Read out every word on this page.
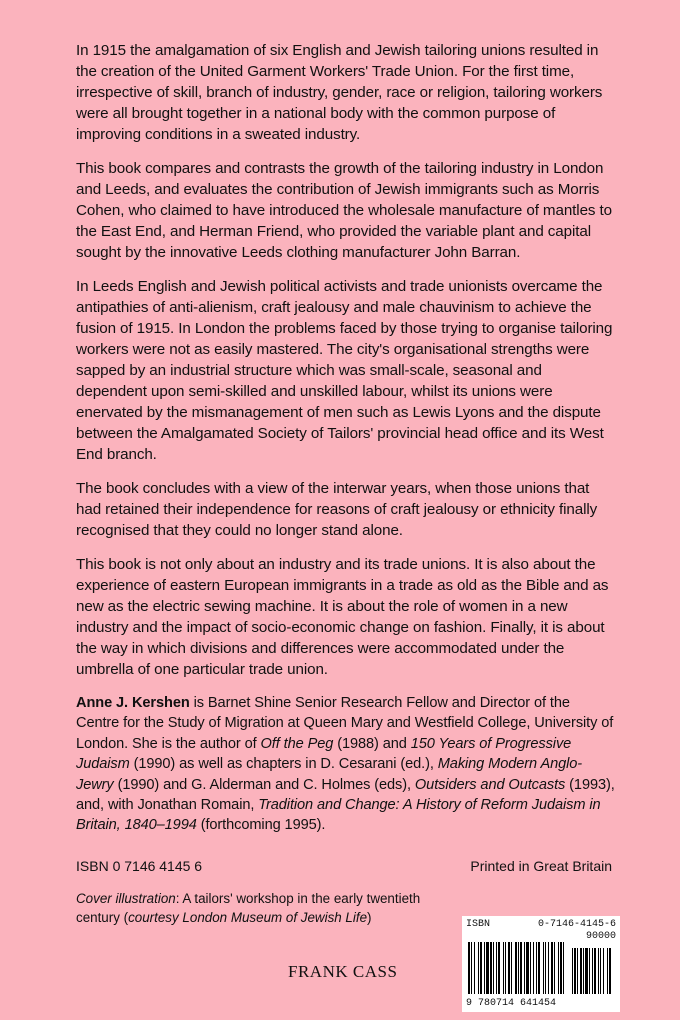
In 1915 the amalgamation of six English and Jewish tailoring unions resulted in the creation of the United Garment Workers' Trade Union. For the first time, irrespective of skill, branch of industry, gender, race or religion, tailoring workers were all brought together in a national body with the common purpose of improving conditions in a sweated industry.

This book compares and contrasts the growth of the tailoring industry in London and Leeds, and evaluates the contribution of Jewish immigrants such as Morris Cohen, who claimed to have introduced the wholesale manufacture of mantles to the East End, and Herman Friend, who provided the variable plant and capital sought by the innovative Leeds clothing manufacturer John Barran.

In Leeds English and Jewish political activists and trade unionists overcame the antipathies of anti-alienism, craft jealousy and male chauvinism to achieve the fusion of 1915. In London the problems faced by those trying to organise tailoring workers were not as easily mastered. The city's organisational strengths were sapped by an industrial structure which was small-scale, seasonal and dependent upon semi-skilled and unskilled labour, whilst its unions were enervated by the mismanagement of men such as Lewis Lyons and the dispute between the Amalgamated Society of Tailors' provincial head office and its West End branch.

The book concludes with a view of the interwar years, when those unions that had retained their independence for reasons of craft jealousy or ethnicity finally recognised that they could no longer stand alone.

This book is not only about an industry and its trade unions. It is also about the experience of eastern European immigrants in a trade as old as the Bible and as new as the electric sewing machine. It is about the role of women in a new industry and the impact of socio-economic change on fashion. Finally, it is about the way in which divisions and differences were accommodated under the umbrella of one particular trade union.

Anne J. Kershen is Barnet Shine Senior Research Fellow and Director of the Centre for the Study of Migration at Queen Mary and Westfield College, University of London. She is the author of Off the Peg (1988) and 150 Years of Progressive Judaism (1990) as well as chapters in D. Cesarani (ed.), Making Modern Anglo-Jewry (1990) and G. Alderman and C. Holmes (eds), Outsiders and Outcasts (1993), and, with Jonathan Romain, Tradition and Change: A History of Reform Judaism in Britain, 1840–1994 (forthcoming 1995).

ISBN 0 7146 4145 6	Printed in Great Britain
Cover illustration: A tailors' workshop in the early twentieth century (courtesy London Museum of Jewish Life)
FRANK CASS
ISBN	0-7146-4145-6
90000
9 780714 641454
